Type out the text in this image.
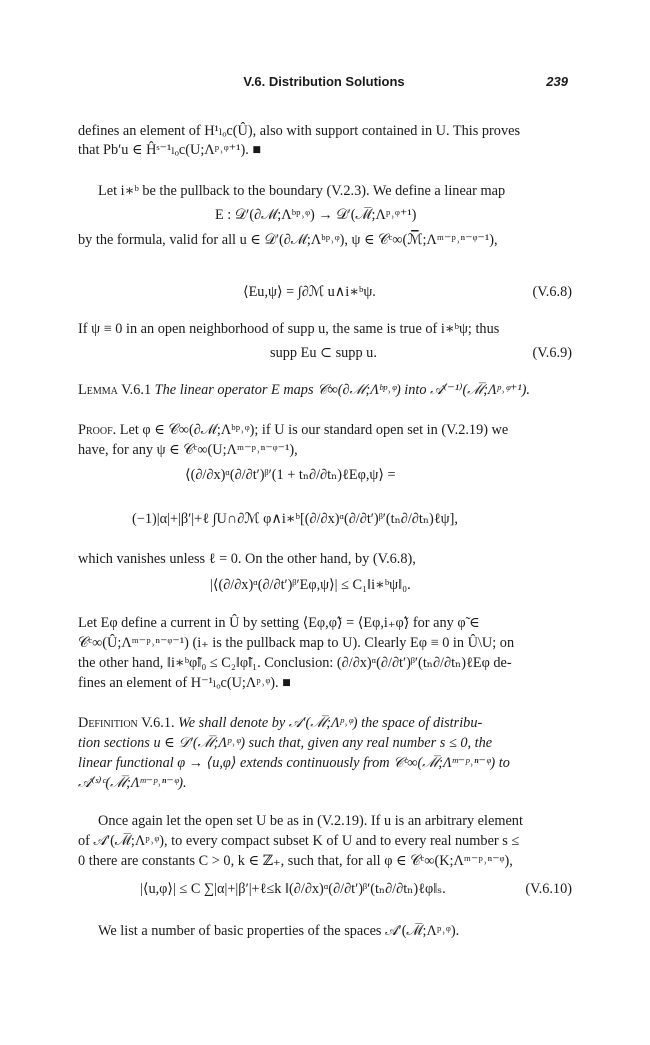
V.6. Distribution Solutions	239
defines an element of H¹ₗₒc(Û), also with support contained in U. This proves
that Pb′u ∈ Ĥˢ⁻¹ₗₒc(U;Λᵖ˒ᵠ⁺¹). ■
Let i∗ᵇ be the pullback to the boundary (V.2.3). We define a linear map
E : 𝒟′(∂ℳ;Λᵇᵖ˒ᵠ) → 𝒟′(ℳ̅;Λᵖ˒ᵠ⁺¹)
by the formula, valid for all u ∈ 𝒟′(∂ℳ;Λᵇᵖ˒ᵠ), ψ ∈ 𝒞ᶜ∞(ℳ̅;Λᵐ⁻ᵖ˒ⁿ⁻ᵠ⁻¹),
⟨Eu,ψ⟩ = ∫∂ℳ u∧i∗ᵇψ.	(V.6.8)
If ψ ≡ 0 in an open neighborhood of supp u, the same is true of i∗ᵇψ; thus
supp Eu ⊂ supp u.	(V.6.9)
Lemma V.6.1 The linear operator E maps 𝒞∞(∂ℳ;Λᵇᵖ˒ᵠ) into 𝒜̇⁽⁻¹⁾(ℳ̅;Λᵖ˒ᵠ⁺¹).
Proof. Let φ ∈ 𝒞∞(∂ℳ;Λᵇᵖ˒ᵠ); if U is our standard open set in (V.2.19) we
have, for any ψ ∈ 𝒞ᶜ∞(U;Λᵐ⁻ᵖ˒ⁿ⁻ᵠ⁻¹),
⟨(∂/∂x)ᵅ(∂/∂t′)ᵝ′(1 + tₙ∂/∂tₙ)ℓEφ,ψ⟩ =
(−1)|α|+|β′|+ℓ ∫U∩∂ℳ φ∧i∗ᵇ[(∂/∂x)ᵅ(∂/∂t′)ᵝ′(tₙ∂/∂tₙ)ℓψ],
which vanishes unless ℓ = 0. On the other hand, by (V.6.8),
|⟨(∂/∂x)ᵅ(∂/∂t′)ᵝ′Eφ,ψ⟩| ≤ C₁‖i∗ᵇψ‖₀.
Let Eφ define a current in Û by setting ⟨Eφ,φ̃⟩ = ⟨Eφ,i₊φ̃⟩ for any φ̃ ∈
𝒞ᶜ∞(Û;Λᵐ⁻ᵖ˒ⁿ⁻ᵠ⁻¹) (i₊ is the pullback map to U). Clearly Eφ ≡ 0 in Û\U; on
the other hand, ‖i∗ᵇφ̃‖₀ ≤ C₂‖φ̃‖₁. Conclusion: (∂/∂x)ᵅ(∂/∂t′)ᵝ′(tₙ∂/∂tₙ)ℓEφ de-
fines an element of H⁻¹ₗₒc(U;Λᵖ˒ᵠ). ■
Definition V.6.1. We shall denote by 𝒜′(ℳ̅;Λᵖ˒ᵠ) the space of distribu-
tion sections u ∈ 𝒟′(ℳ̅;Λᵖ˒ᵠ) such that, given any real number s ≤ 0, the
linear functional φ → ⟨u,φ⟩ extends continuously from 𝒞ᶜ∞(ℳ̅;Λᵐ⁻ᵖ˒ⁿ⁻ᵠ) to
𝒜̇⁽ˢ⁾ᶜ(ℳ̅;Λᵐ⁻ᵖ˒ⁿ⁻ᵠ).
Once again let the open set U be as in (V.2.19). If u is an arbitrary element
of 𝒜′(ℳ̅;Λᵖ˒ᵠ), to every compact subset K of U and to every real number s ≤
0 there are constants C > 0, k ∈ ℤ₊, such that, for all φ ∈ 𝒞ᶜ∞(K;Λᵐ⁻ᵖ˒ⁿ⁻ᵠ),
|⟨u,φ⟩| ≤ C ∑|α|+|β′|+ℓ≤k ‖(∂/∂x)ᵅ(∂/∂t′)ᵝ′(tₙ∂/∂tₙ)ℓφ‖ₛ.	(V.6.10)
We list a number of basic properties of the spaces 𝒜′(ℳ̅;Λᵖ˒ᵠ).
